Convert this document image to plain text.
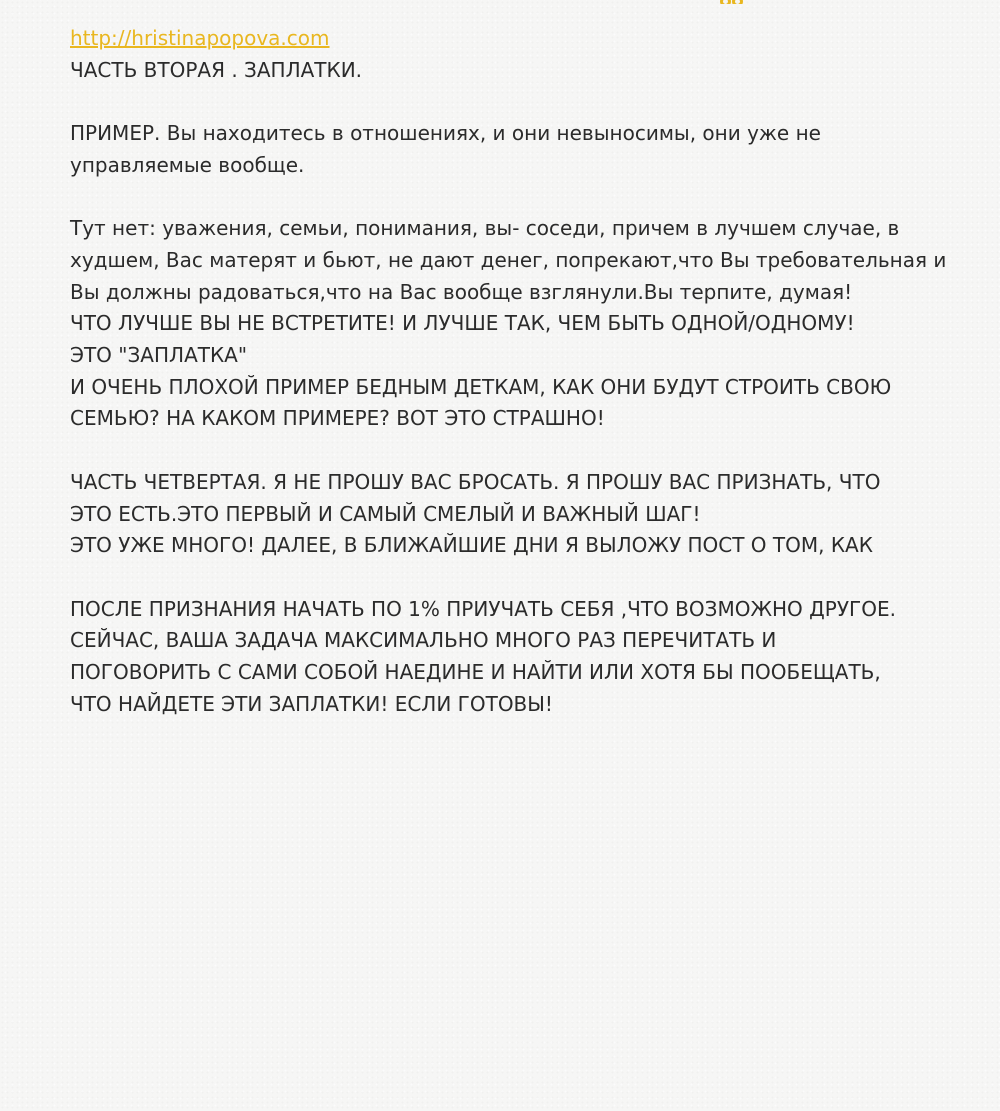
http://hristinapopova.com
ЧАСТЬ ВТОРАЯ . ЗАПЛАТКИ.
ПРИМЕР. Вы находитесь в отношениях, и они невыносимы, они уже не
управляемые вообще.
Тут нет: уважения, семьи, понимания, вы- соседи, причем в лучшем случае, в
худшем, Вас матерят и бьют, не дают денег, попрекают,что Вы требовательная и
Вы должны радоваться,что на Вас вообще взглянули.Вы терпите, думая!
ЧТО ЛУЧШЕ ВЫ НЕ ВСТРЕТИТЕ! И ЛУЧШЕ ТАК, ЧЕМ БЫТЬ ОДНОЙ/ОДНОМУ!
ЭТО "ЗАПЛАТКА"
И ОЧЕНЬ ПЛОХОЙ ПРИМЕР БЕДНЫМ ДЕТКАМ, КАК ОНИ БУДУТ СТРОИТЬ СВОЮ
СЕМЬЮ? НА КАКОМ ПРИМЕРЕ? ВОТ ЭТО СТРАШНО!
ЧАСТЬ ЧЕТВЕРТАЯ. Я НЕ ПРОШУ ВАС БРОСАТЬ. Я ПРОШУ ВАС ПРИЗНАТЬ, ЧТО
ЭТО ЕСТЬ.ЭТО ПЕРВЫЙ И САМЫЙ СМЕЛЫЙ И ВАЖНЫЙ ШАГ!
ЭТО УЖЕ МНОГО! ДАЛЕЕ, В БЛИЖАЙШИЕ ДНИ Я ВЫЛОЖУ ПОСТ О ТОМ, КАК
ПОСЛЕ ПРИЗНАНИЯ НАЧАТЬ ПО 1% ПРИУЧАТЬ СЕБЯ ,ЧТО ВОЗМОЖНО ДРУГОЕ.
СЕЙЧАС, ВАША ЗАДАЧА МАКСИМАЛЬНО МНОГО РАЗ ПЕРЕЧИТАТЬ И
ПОГОВОРИТЬ С САМИ СОБОЙ НАЕДИНЕ И НАЙТИ ИЛИ ХОТЯ БЫ ПООБЕЩАТЬ,
ЧТО НАЙДЕТЕ ЭТИ ЗАПЛАТКИ! ЕСЛИ ГОТОВЫ!
